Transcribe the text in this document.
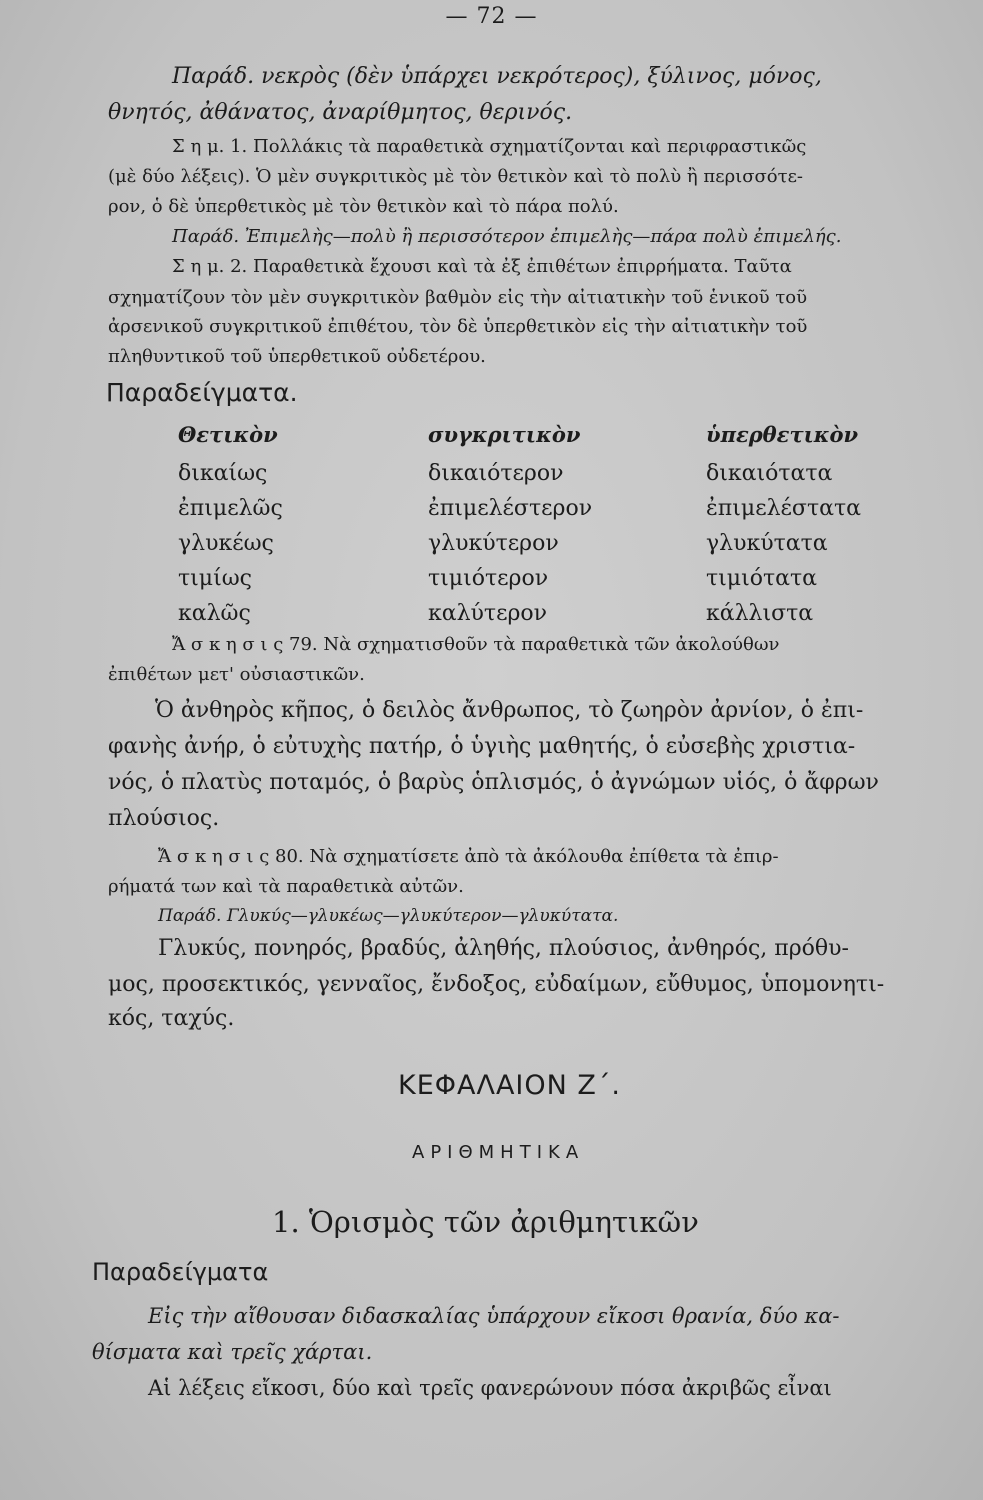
— 72 —
Παράδ. νεκρὸς (δὲν ὑπάρχει νεκρότερος), ξύλινος, μόνος,
θνητός, ἀθάνατος, ἀναρίθμητος, θερινός.
Σ η μ. 1. Πολλάκις τὰ παραθετικὰ σχηματίζονται καὶ περιφραστικῶς
(μὲ δύο λέξεις). Ὁ μὲν συγκριτικὸς μὲ τὸν θετικὸν καὶ τὸ πολὺ ἢ περισσότε-
ρον, ὁ δὲ ὑπερθετικὸς μὲ τὸν θετικὸν καὶ τὸ πάρα πολύ.
Παράδ. Ἐπιμελὴς—πολὺ ἢ περισσότερον ἐπιμελὴς—πάρα πολὺ ἐπιμελής.
Σ η μ. 2. Παραθετικὰ ἔχουσι καὶ τὰ ἐξ ἐπιθέτων ἐπιρρήματα. Ταῦτα
σχηματίζουν τὸν μὲν συγκριτικὸν βαθμὸν εἰς τὴν αἰτιατικὴν τοῦ ἑνικοῦ τοῦ
ἀρσενικοῦ συγκριτικοῦ ἐπιθέτου, τὸν δὲ ὑπερθετικὸν εἰς τὴν αἰτιατικὴν τοῦ
πληθυντικοῦ τοῦ ὑπερθετικοῦ οὐδετέρου.
Παραδείγματα.
Θετικὸν
δικαίως
ἐπιμελῶς
γλυκέως
τιμίως
καλῶς
συγκριτικὸν
δικαιότερον
ἐπιμελέστερον
γλυκύτερον
τιμιότερον
καλύτερον
ὑπερθετικὸν
δικαιότατα
ἐπιμελέστατα
γλυκύτατα
τιμιότατα
κάλλιστα
Ἄ σ κ η σ ι ς 79. Νὰ σχηματισθοῦν τὰ παραθετικὰ τῶν ἀκολούθων
ἐπιθέτων μετ' οὐσιαστικῶν.
Ὁ ἀνθηρὸς κῆπος, ὁ δειλὸς ἄνθρωπος, τὸ ζωηρὸν ἀρνίον, ὁ ἐπι-
φανὴς ἀνήρ, ὁ εὐτυχὴς πατήρ, ὁ ὑγιὴς μαθητής, ὁ εὐσεβὴς χριστια-
νός, ὁ πλατὺς ποταμός, ὁ βαρὺς ὁπλισμός, ὁ ἀγνώμων υἱός, ὁ ἄφρων
πλούσιος.
Ἄ σ κ η σ ι ς 80. Νὰ σχηματίσετε ἀπὸ τὰ ἀκόλουθα ἐπίθετα τὰ ἐπιρ-
ρήματά των καὶ τὰ παραθετικὰ αὐτῶν.
Παράδ. Γλυκύς—γλυκέως—γλυκύτερον—γλυκύτατα.
Γλυκύς, πονηρός, βραδύς, ἀληθής, πλούσιος, ἀνθηρός, πρόθυ-
μος, προσεκτικός, γενναῖος, ἔνδοξος, εὐδαίμων, εὔθυμος, ὑπομονητι-
κός, ταχύς.
ΚΕΦΑΛΑΙΟΝ Ζ΄.
ΑΡΙΘΜΗΤΙΚΑ
1. Ὁρισμὸς τῶν ἀριθμητικῶν
Παραδείγματα
Εἰς τὴν αἴθουσαν διδασκαλίας ὑπάρχουν εἴκοσι θρανία, δύο κα-
θίσματα καὶ τρεῖς χάρται.
Αἱ λέξεις εἴκοσι, δύο καὶ τρεῖς φανερώνουν πόσα ἀκριβῶς εἶναι
